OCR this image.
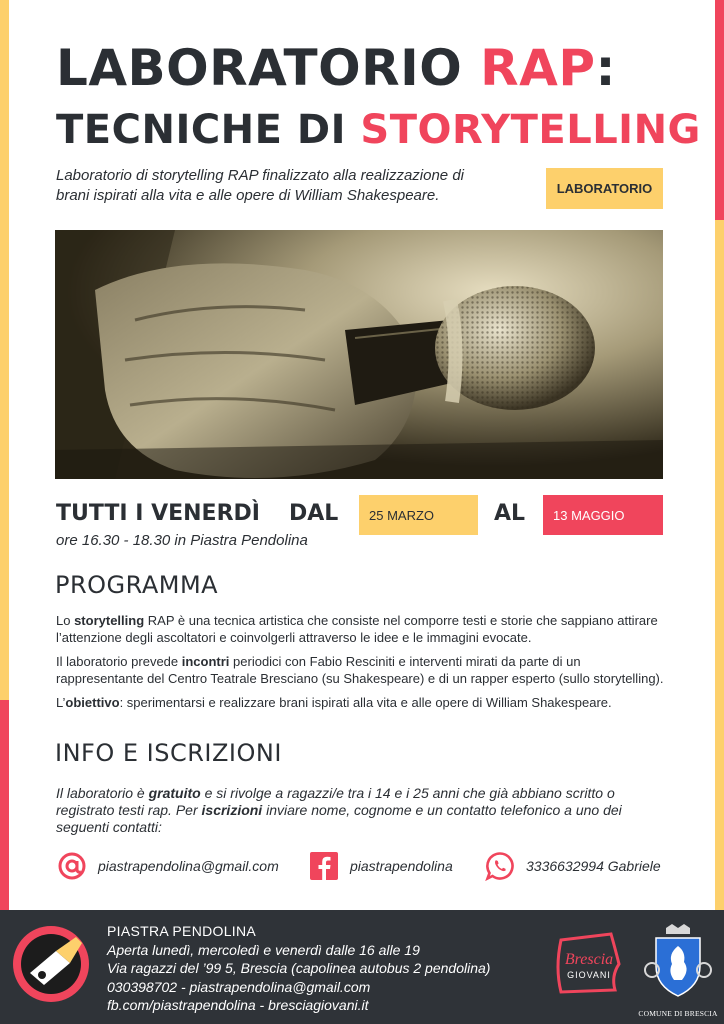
LABORATORIO RAP:
TECNICHE DI STORYTELLING
Laboratorio di storytelling RAP finalizzato alla realizzazione di brani ispirati alla vita e alle opere di William Shakespeare.	LABORATORIO
TUTTI I VENERDÌ DAL	25 MARZO	AL	13 MAGGIO
ore 16.30 - 18.30 in Piastra Pendolina
PROGRAMMA

Lo storytelling RAP è una tecnica artistica che consiste nel comporre testi e storie che sappiano attirare l’attenzione degli ascoltatori e coinvolgerli attraverso le idee e le immagini evocate.

Il laboratorio prevede incontri periodici con Fabio Resciniti e interventi mirati da parte di un rappresentante del Centro Teatrale Bresciano (su Shakespeare) e di un rapper esperto (sullo storytelling).

L’obiettivo: sperimentarsi e realizzare brani ispirati alla vita e alle opere di William Shakespeare.

INFO E ISCRIZIONI
Il laboratorio è gratuito e si rivolge a ragazzi/e tra i 14 e i 25 anni che già abbiano scritto o registrato testi rap. Per iscrizioni inviare nome, cognome e un contatto telefonico a uno dei seguenti contatti:
piastrapendolina@gmail.com	piastrapendolina	3336632994 Gabriele
PIASTRA PENDOLINA
Aperta lunedì, mercoledì e venerdì dalle 16 alle 19
Via ragazzi del ’99 5, Brescia (capolinea autobus 2 pendolina)
030398702 - piastrapendolina@gmail.com
fb.com/piastrapendolina - bresciagiovani.it
Brescia
GIOVANI
COMUNE DI BRESCIA
